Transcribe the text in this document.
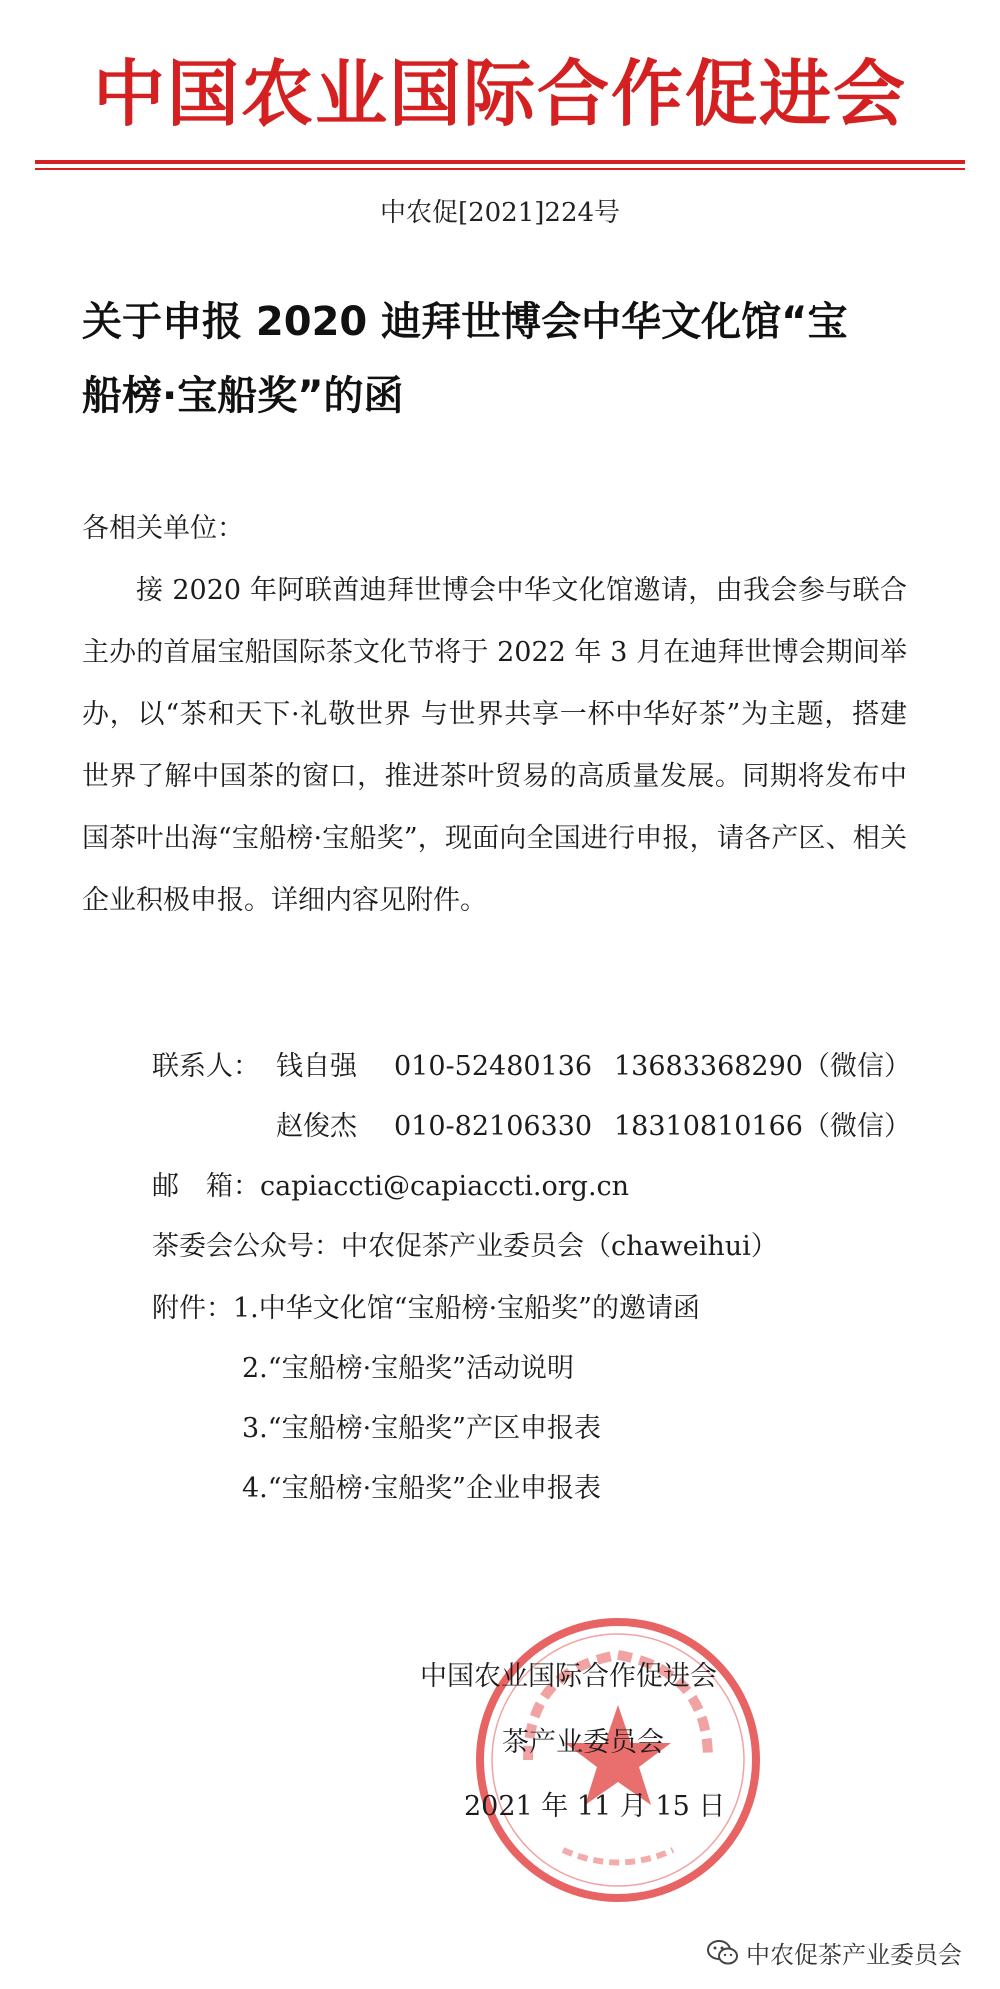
中国农业国际合作促进会
中农促[2021]224号
关于申报 2020 迪拜世博会中华文化馆“宝
船榜·宝船奖”的函
各相关单位：
接 2020 年阿联酋迪拜世博会中华文化馆邀请，由我会参与联合主办的首届宝船国际茶文化节将于 2022 年 3 月在迪拜世博会期间举办，以“茶和天下·礼敬世界 与世界共享一杯中华好茶”为主题，搭建世界了解中国茶的窗口，推进茶叶贸易的高质量发展。同期将发布中国茶叶出海“宝船榜·宝船奖”，现面向全国进行申报，请各产区、相关企业积极申报。详细内容见附件。
联系人： 钱自强 010-52480136 13683368290（微信）
赵俊杰 010-82106330 18310810166（微信）
邮　箱：capiaccti@capiaccti.org.cn
茶委会公众号：中农促茶产业委员会（chaweihui）
附件：1.中华文化馆“宝船榜·宝船奖”的邀请函
2.“宝船榜·宝船奖”活动说明
3.“宝船榜·宝船奖”产区申报表
4.“宝船榜·宝船奖”企业申报表
中国农业国际合作促进会
茶产业委员会
2021 年 11 月 15 日
中农促茶产业委员会
